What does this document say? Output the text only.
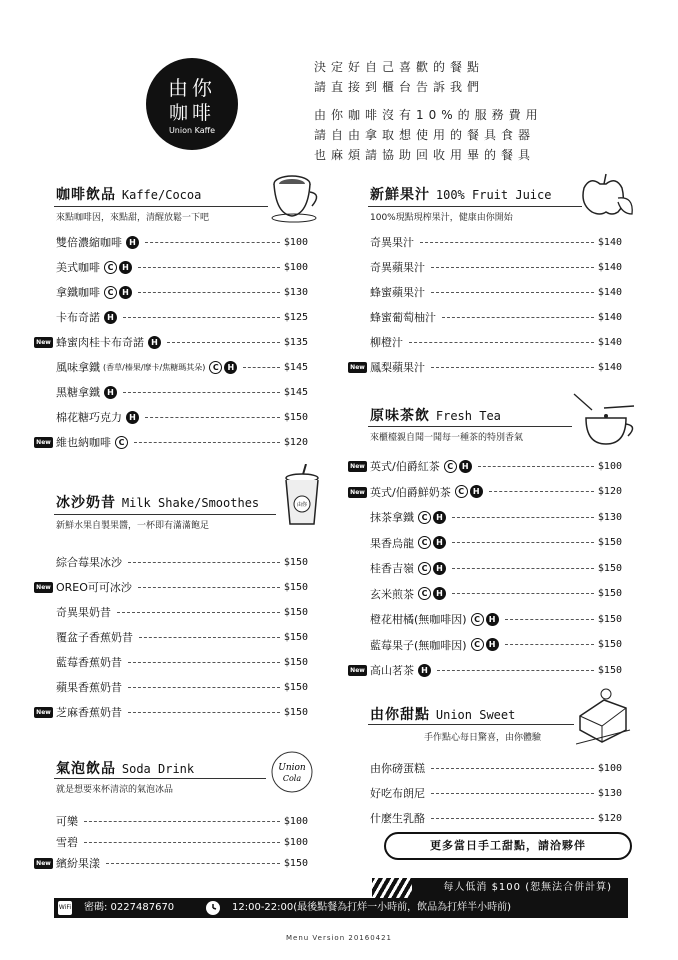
由你
咖啡
Union Kaffe
決定好自己喜歡的餐點
請直接到櫃台告訴我們
由你咖啡沒有10%的服務費用
請自由拿取想使用的餐具食器
也麻煩請協助回收用畢的餐具
由你
Union
Cola
咖啡飲品 Kaffe/Cocoa
來點咖啡因，來點甜，清醒放鬆一下吧
新鮮果汁 100% Fruit Juice
100%現點現榨果汁，健康由你開始
冰沙奶昔 Milk Shake/Smoothes
新鮮水果自製果醬，一杯即有滿滿飽足
原味茶飲 Fresh Tea
來櫃檯親自聞一聞每一種茶的特別香氣
氣泡飲品 Soda Drink
就是想要來杯清涼的氣泡冰品
由你甜點 Union Sweet
手作點心每日驚喜，由你體驗
雙倍濃縮咖啡 H	$100
美式咖啡 C	H	$100
拿鐵咖啡 C	H	$130
卡布奇諾 H	$125
New 蜂蜜肉桂卡布奇諾 H	$135
風味拿鐵 (香草/榛果/摩卡/焦糖瑪其朵) C	H	$145
黑糖拿鐵 H	$145
棉花糖巧克力 H	$150
New 維也納咖啡 C	$120
奇異果汁	$140
奇異蘋果汁	$140
蜂蜜蘋果汁	$140
蜂蜜葡萄柚汁	$140
柳橙汁	$140
New 鳳梨蘋果汁	$140
綜合莓果冰沙	$150
New OREO可可冰沙	$150
奇異果奶昔	$150
覆盆子香蕉奶昔	$150
藍莓香蕉奶昔	$150
蘋果香蕉奶昔	$150
New 芝麻香蕉奶昔	$150
New 英式/伯爵紅茶 C	H	$100
New 英式/伯爵鮮奶茶 C	H	$120
抹茶拿鐵 C	H	$130
果香烏龍 C	H	$150
桂香吉嶺 C	H	$150
玄米煎茶 C	H	$150
橙花柑橘(無咖啡因) C	H	$150
藍莓果子(無咖啡因) C	H	$150
New 高山茗茶 H	$150
可樂	$100
雪碧	$100
New 繽紛果漾	$150
由你磅蛋糕	$100
好吃布朗尼	$130
什麼生乳酪	$120
更多當日手工甜點，請洽夥伴
每人低消 $100 (恕無法合併計算)
WiFi 密碼: 0227487670	12:00-22:00(最後點餐為打烊一小時前，飲品為打烊半小時前)
Menu Version 20160421
